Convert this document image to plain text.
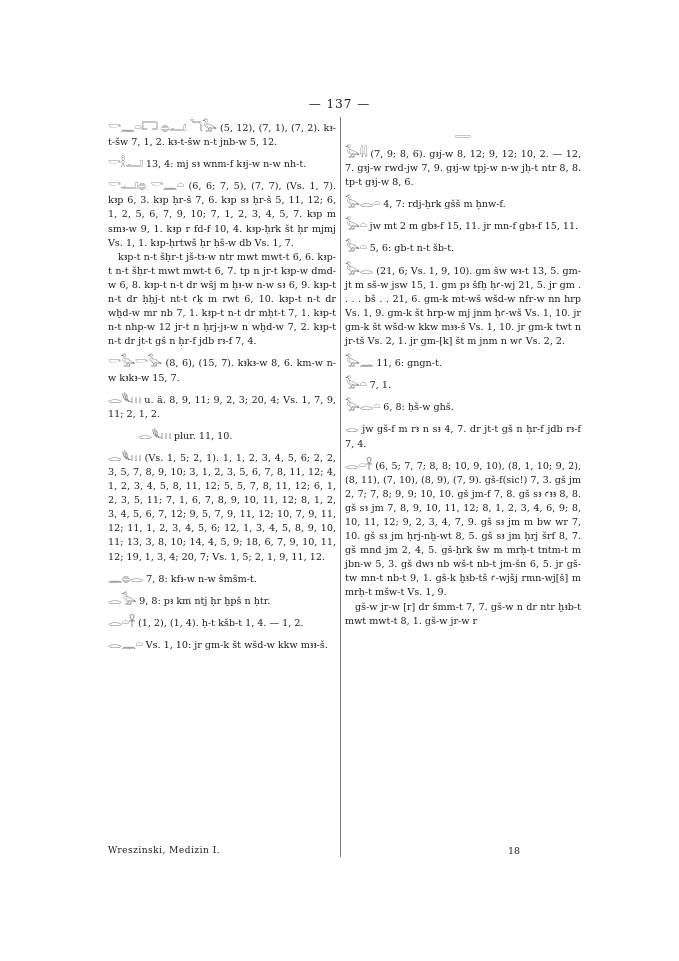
— 137 —
𓎡𓈖𓏏𓉐 𓐍𓂝 𓆓𓅭 (5, 12), (7, 1), (7, 2). kꜣ-t-šw 7, 1, 2. kꜣ-t-šw n-t jnb-w 5, 12.
𓎡𓎛𓂝 13, 4: mj sꜣ wnm-f kꜣj-w n-w nh-t.
𓎡𓂝𓐍 𓎡𓈖𓏏 (6, 6; 7, 5), (7, 7), (Vs. 1, 7). kꜣp 6, 3. kꜣp ḥr-š 7, 6. kꜣp sꜣ ḥr-š 5, 11, 12; 6, 1, 2, 5, 6, 7, 9, 10; 7, 1, 2, 3, 4, 5, 7. kꜣp m smꜣ-w 9, 1. kꜣp r fd-f 10, 4. kꜣp-ḥrk št ḥr mjmj Vs. 1, 1. kꜣp-ḥrtwš ḥr ḥš-w db Vs. 1, 7.
kꜣp-t n-t šḥr-t jš-tꜣ-w ntr mwt mwt-t 6, 6. kꜣp-t n-t šḥr-t mwt mwt-t 6, 7. tp n jr-t kꜣp-w dmd-w 6, 8. kꜣp-t n-t dr wšj m ḥꜣ-w n-w sꜣ 6, 9. kꜣp-t n-t dr ḥḥj-t nt-t ꜥḳ m rwt 6, 10. kꜣp-t n-t dr wḫd-w mr nb 7, 1. kꜣp-t n-t dr mḥt-t 7, 1. kꜣp-t n-t nhp-w 12 jr-t n ḥrj-jꜣ-w n wḫd-w 7, 2. kꜣp-t n-t dr jt-t gš n ḥr-f jdb rꜣ-f 7, 4.
𓎡𓅭𓎡𓅭 (8, 6), (15, 7). kꜣkꜣ-w 8, 6. km-w n-w kꜣkꜣ-w 15, 7.
𓂋𓆰𓏥 u. ä. 8, 9, 11; 9, 2, 3; 20, 4; Vs. 1, 7, 9, 11; 2, 1, 2.
𓂋𓆰𓏥 plur. 11, 10.
𓂋𓆰𓏥 (Vs. 1, 5; 2, 1). 1, 1, 2, 3, 4, 5, 6; 2, 2, 3, 5, 7, 8, 9, 10; 3, 1, 2, 3, 5, 6, 7, 8, 11, 12; 4, 1, 2, 3, 4, 5, 8, 11, 12; 5, 5, 7, 8, 11, 12; 6, 1, 2, 3, 5, 11; 7, 1, 6, 7, 8, 9, 10, 11, 12; 8, 1, 2, 3, 4, 5, 6, 7, 12; 9, 5, 7, 9, 11, 12; 10, 7, 9, 11, 12; 11, 1, 2, 3, 4, 5, 6; 12, 1, 3, 4, 5, 8, 9, 10, 11; 13, 3, 8, 10; 14, 4, 5, 9; 18, 6, 7, 9, 10, 11, 12; 19, 1, 3, 4; 20, 7; Vs. 1, 5; 2, 1, 9, 11, 12.
𓈖𓐍𓂋 7, 8: kfꜣ-w n-w šmšm-t.
𓂋𓅭 9, 8: pꜣ km ntj ḥr ḫpš n ḥtr.
𓂋𓏏𓋹 (1, 2), (1, 4). ḥ-t kšb-t 1, 4. — 1, 2.
𓂋𓈖𓏏 Vs. 1, 10: jr gm-k št wšd-w kkw mꜣꜣ-š.
𓇿
𓅭𓇋𓇋 (7, 9; 8, 6). gꜣj-w 8, 12; 9, 12; 10, 2. — 12, 7. gꜣj-w rwd-jw 7, 9. gꜣj-w tpj-w n-w jḥ-t ntr 8, 8. tp-t gꜣj-w 8, 6.
𓅭𓂋𓏏 4, 7: rdj-ḥrk gšš m ḥnw-f.
𓅭𓏏 jw mt 2 m gbꜣ-f 15, 11. jr mn-f gbꜣ-f 15, 11.
𓅭𓏏 5, 6: gb-t n-t šb-t.
𓅭𓂋 (21, 6; Vs. 1, 9, 10). gm šw wꜣ-t 13, 5. gm-jt m sš-w jsw 15, 1. gm pꜣ šfḥ ḥꜥ-wj 21, 5. jr gm . . . . bš . . 21, 6. gm-k mt-wš wšd-w nfr-w nn hrp Vs. 1, 9. gm-k št hrp-w mj jnm ḥꜥ-wš Vs. 1, 10. jr gm-k št wšd-w kkw mꜣꜣ-š Vs. 1, 10. jr gm-k twt n jr-tš Vs. 2, 1. jr gm-[k] št m jnm n wꜥ Vs. 2, 2.
𓅭𓈖 11, 6: gngn-t.
𓅭𓏏 7, 1.
𓅭𓂋𓏏 6, 8: ḥš-w ghš.
𓂋 jw gš-f m rꜣ n sꜣ 4, 7. dr jt-t gš n ḥr-f jdb rꜣ-f 7, 4.
𓂋𓏏𓋹 (6, 5; 7, 7; 8, 8; 10, 9, 10), (8, 1, 10; 9, 2), (8, 11), (7, 10), (8, 9), (7, 9). gš-f(sic!) 7, 3. gš jm 2, 7; 7, 8; 9, 9; 10, 10. gš jm-f 7, 8. gš sꜣ ꜥꜣꜣ 8, 8. gš sꜣ jm 7, 8, 9, 10, 11, 12; 8, 1, 2, 3, 4, 6, 9; 8, 10, 11, 12; 9, 2, 3, 4, 7, 9. gš sꜣ jm m bw wr 7, 10. gš sꜣ jm ḥrj-nḫ-wt 8, 5. gš sꜣ jm ḥrj šrf 8, 7. gš mnd jm 2, 4, 5. gš-ḥrk šw m mrḥ-t tntm-t m jbn-w 5, 3. gš dwꜣ nb wš-t nb-t jm-šn 6, 5. jr gš-tw mn-t nb-t 9, 1. gš-k ḫꜣb-tš ꜥ-wjšj rmn-wj[š] m mrḥ-t mšw-t Vs. 1, 9.
gš-w jr-w [r] dr šmm-t 7, 7. gš-w n dr ntr ḫꜣb-t mwt mwt-t 8, 1. gš-w jr-w r
Wreszinski, Medizin I.	18
